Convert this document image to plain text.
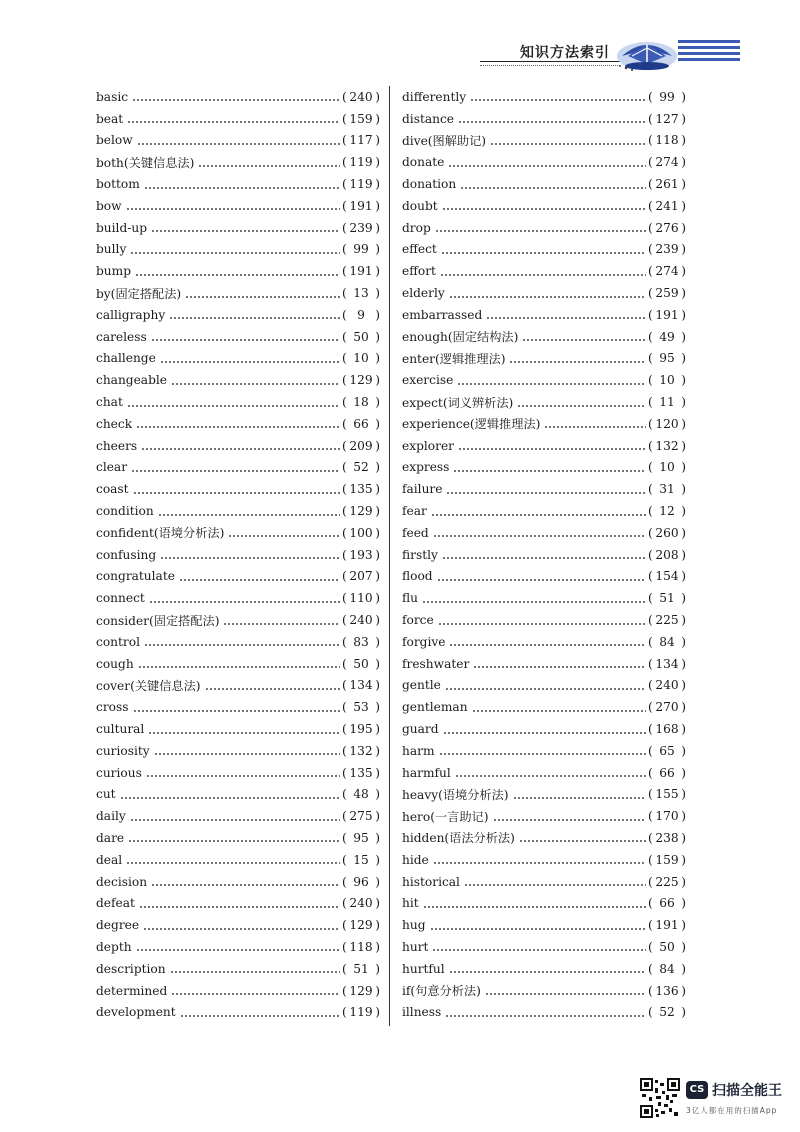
知识方法索引
basic	( 240 )
beat	( 159 )
below	( 117 )
both(关键信息法)	( 119 )
bottom	( 119 )
bow	( 191 )
build-up	( 239 )
bully	( 99 )
bump	( 191 )
by(固定搭配法)	( 13 )
calligraphy	( 9 )
careless	( 50 )
challenge	( 10 )
changeable	( 129 )
chat	( 18 )
check	( 66 )
cheers	( 209 )
clear	( 52 )
coast	( 135 )
condition	( 129 )
confident(语境分析法)	( 100 )
confusing	( 193 )
congratulate	( 207 )
connect	( 110 )
consider(固定搭配法)	( 240 )
control	( 83 )
cough	( 50 )
cover(关键信息法)	( 134 )
cross	( 53 )
cultural	( 195 )
curiosity	( 132 )
curious	( 135 )
cut	( 48 )
daily	( 275 )
dare	( 95 )
deal	( 15 )
decision	( 96 )
defeat	( 240 )
degree	( 129 )
depth	( 118 )
description	( 51 )
determined	( 129 )
development	( 119 )
differently	( 99 )
distance	( 127 )
dive(图解助记)	( 118 )
donate	( 274 )
donation	( 261 )
doubt	( 241 )
drop	( 276 )
effect	( 239 )
effort	( 274 )
elderly	( 259 )
embarrassed	( 191 )
enough(固定结构法)	( 49 )
enter(逻辑推理法)	( 95 )
exercise	( 10 )
expect(词义辨析法)	( 11 )
experience(逻辑推理法)	( 120 )
explorer	( 132 )
express	( 10 )
failure	( 31 )
fear	( 12 )
feed	( 260 )
firstly	( 208 )
flood	( 154 )
flu	( 51 )
force	( 225 )
forgive	( 84 )
freshwater	( 134 )
gentle	( 240 )
gentleman	( 270 )
guard	( 168 )
harm	( 65 )
harmful	( 66 )
heavy(语境分析法)	( 155 )
hero(一言助记)	( 170 )
hidden(语法分析法)	( 238 )
hide	( 159 )
historical	( 225 )
hit	( 66 )
hug	( 191 )
hurt	( 50 )
hurtful	( 84 )
if(句意分析法)	( 136 )
illness	( 52 )
CS 扫描全能王
3亿人都在用的扫描App
